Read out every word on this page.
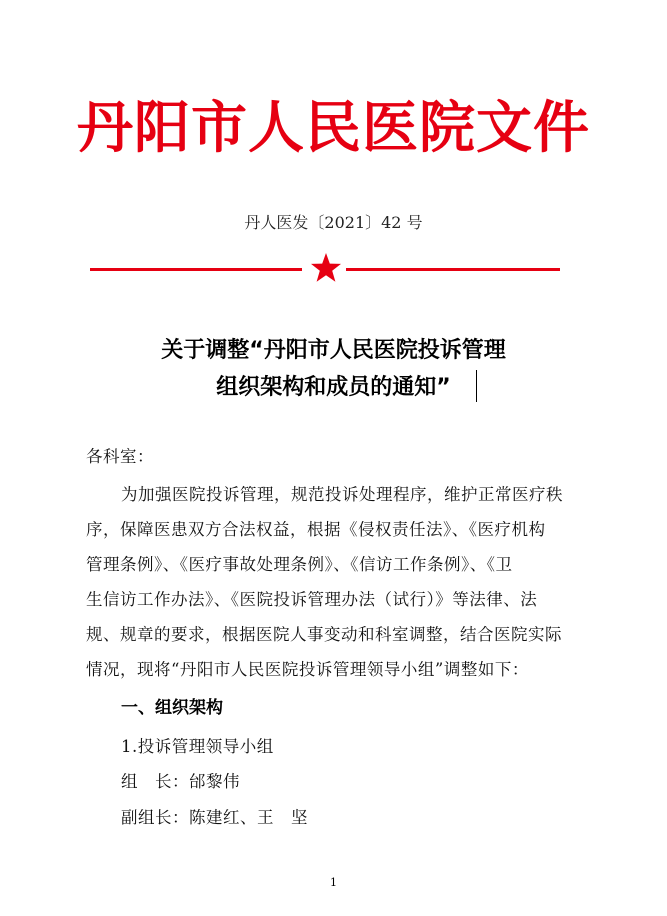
丹阳市人民医院文件

丹人医发〔2021〕42 号

关于调整“丹阳市人民医院投诉管理

组织架构和成员的通知”

各科室：

为加强医院投诉管理，规范投诉处理程序，维护正常医疗秩

序，保障医患双方合法权益，根据《侵权责任法》、《医疗机构

管理条例》、《医疗事故处理条例》、《信访工作条例》、《卫

生信访工作办法》、《医院投诉管理办法（试行）》等法律、法

规、规章的要求，根据医院人事变动和科室调整，结合医院实际

情况，现将“丹阳市人民医院投诉管理领导小组”调整如下：

一、组织架构

1.投诉管理领导小组

组　长：邰黎伟

副组长：陈建红、王　坚

1
